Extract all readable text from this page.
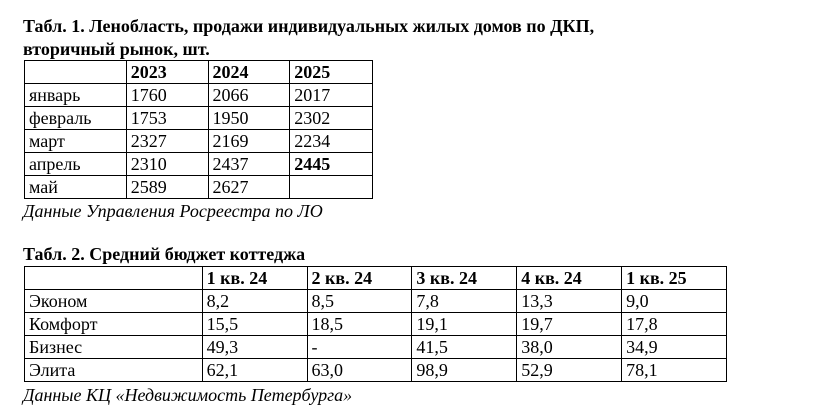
Табл. 1. Ленобласть, продажи индивидуальных жилых домов по ДКП,
вторичный рынок, шт.
	2023	2024	2025
январь	1760	2066	2017
февраль	1753	1950	2302
март	2327	2169	2234
апрель	2310	2437	2445
май	2589	2627	
Данные Управления Росреестра по ЛО
Табл. 2. Средний бюджет коттеджа
	1 кв. 24	2 кв. 24	3 кв. 24	4 кв. 24	1 кв. 25
Эконом	8,2	8,5	7,8	13,3	9,0
Комфорт	15,5	18,5	19,1	19,7	17,8
Бизнес	49,3	-	41,5	38,0	34,9
Элита	62,1	63,0	98,9	52,9	78,1
Данные КЦ «Недвижимость Петербурга»
